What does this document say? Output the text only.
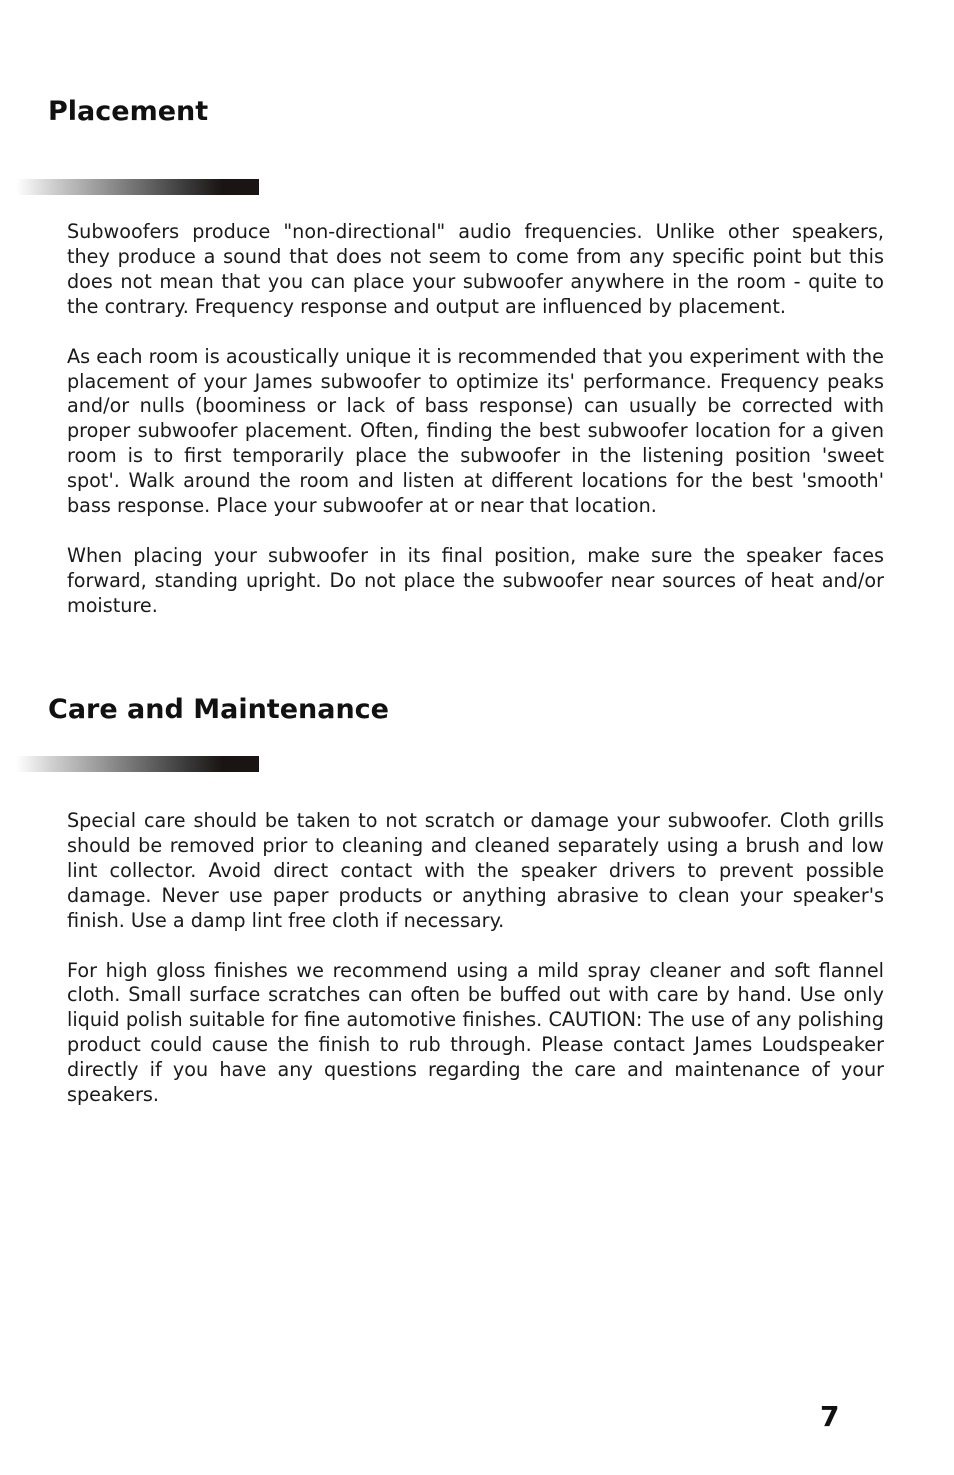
Placement

Subwoofers produce "non-directional" audio frequencies. Unlike other speakers, they produce a sound that does not seem to come from any specific point but this does not mean that you can place your subwoofer anywhere in the room - quite to the contrary. Frequency response and output are influenced by placement.

As each room is acoustically unique it is recommended that you experiment with the placement of your James subwoofer to optimize its' performance. Frequency peaks and/or nulls (boominess or lack of bass response) can usually be corrected with proper subwoofer placement. Often, finding the best subwoofer location for a given room is to first temporarily place the subwoofer in the listening position 'sweet spot'. Walk around the room and listen at different locations for the best 'smooth' bass response. Place your subwoofer at or near that location.

When placing your subwoofer in its final position, make sure the speaker faces forward, standing upright. Do not place the subwoofer near sources of heat and/or moisture.

Care and Maintenance

Special care should be taken to not scratch or damage your subwoofer. Cloth grills should be removed prior to cleaning and cleaned separately using a brush and low lint collector. Avoid direct contact with the speaker drivers to prevent possible damage. Never use paper products or anything abrasive to clean your speaker's finish. Use a damp lint free cloth if necessary.

For high gloss finishes we recommend using a mild spray cleaner and soft flannel cloth. Small surface scratches can often be buffed out with care by hand. Use only liquid polish suitable for fine automotive finishes. CAUTION: The use of any polishing product could cause the finish to rub through. Please contact James Loudspeaker directly if you have any questions regarding the care and maintenance of your speakers.

7
